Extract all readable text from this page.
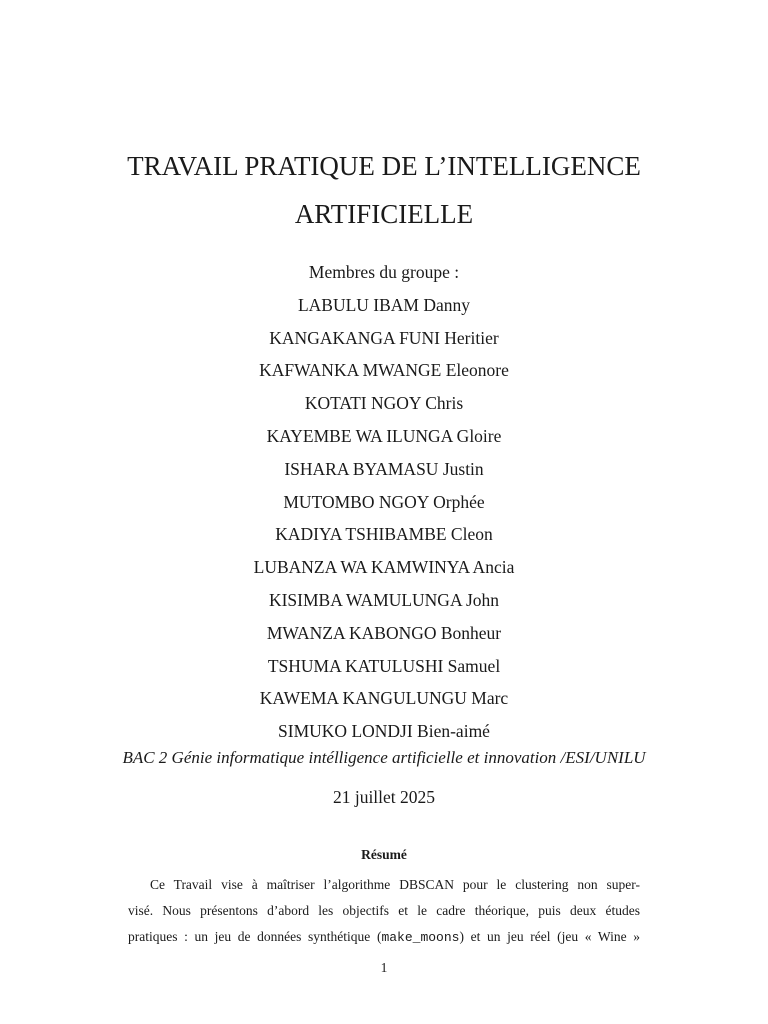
TRAVAIL PRATIQUE DE L’INTELLIGENCE
ARTIFICIELLE
Membres du groupe :
LABULU IBAM Danny
KANGAKANGA FUNI Heritier
KAFWANKA MWANGE Eleonore
KOTATI NGOY Chris
KAYEMBE WA ILUNGA Gloire
ISHARA BYAMASU Justin
MUTOMBO NGOY Orphée
KADIYA TSHIBAMBE Cleon
LUBANZA WA KAMWINYA Ancia
KISIMBA WAMULUNGA John
MWANZA KABONGO Bonheur
TSHUMA KATULUSHI Samuel
KAWEMA KANGULUNGU Marc
SIMUKO LONDJI Bien-aimé
BAC 2 Génie informatique intélligence artificielle et innovation /ESI/UNILU
21 juillet 2025
Résumé

Ce Travail vise à maîtriser l’algorithme DBSCAN pour le clustering non super-
visé. Nous présentons d’abord les objectifs et le cadre théorique, puis deux études
pratiques : un jeu de données synthétique (make_moons) et un jeu réel (jeu « Wine »

1
